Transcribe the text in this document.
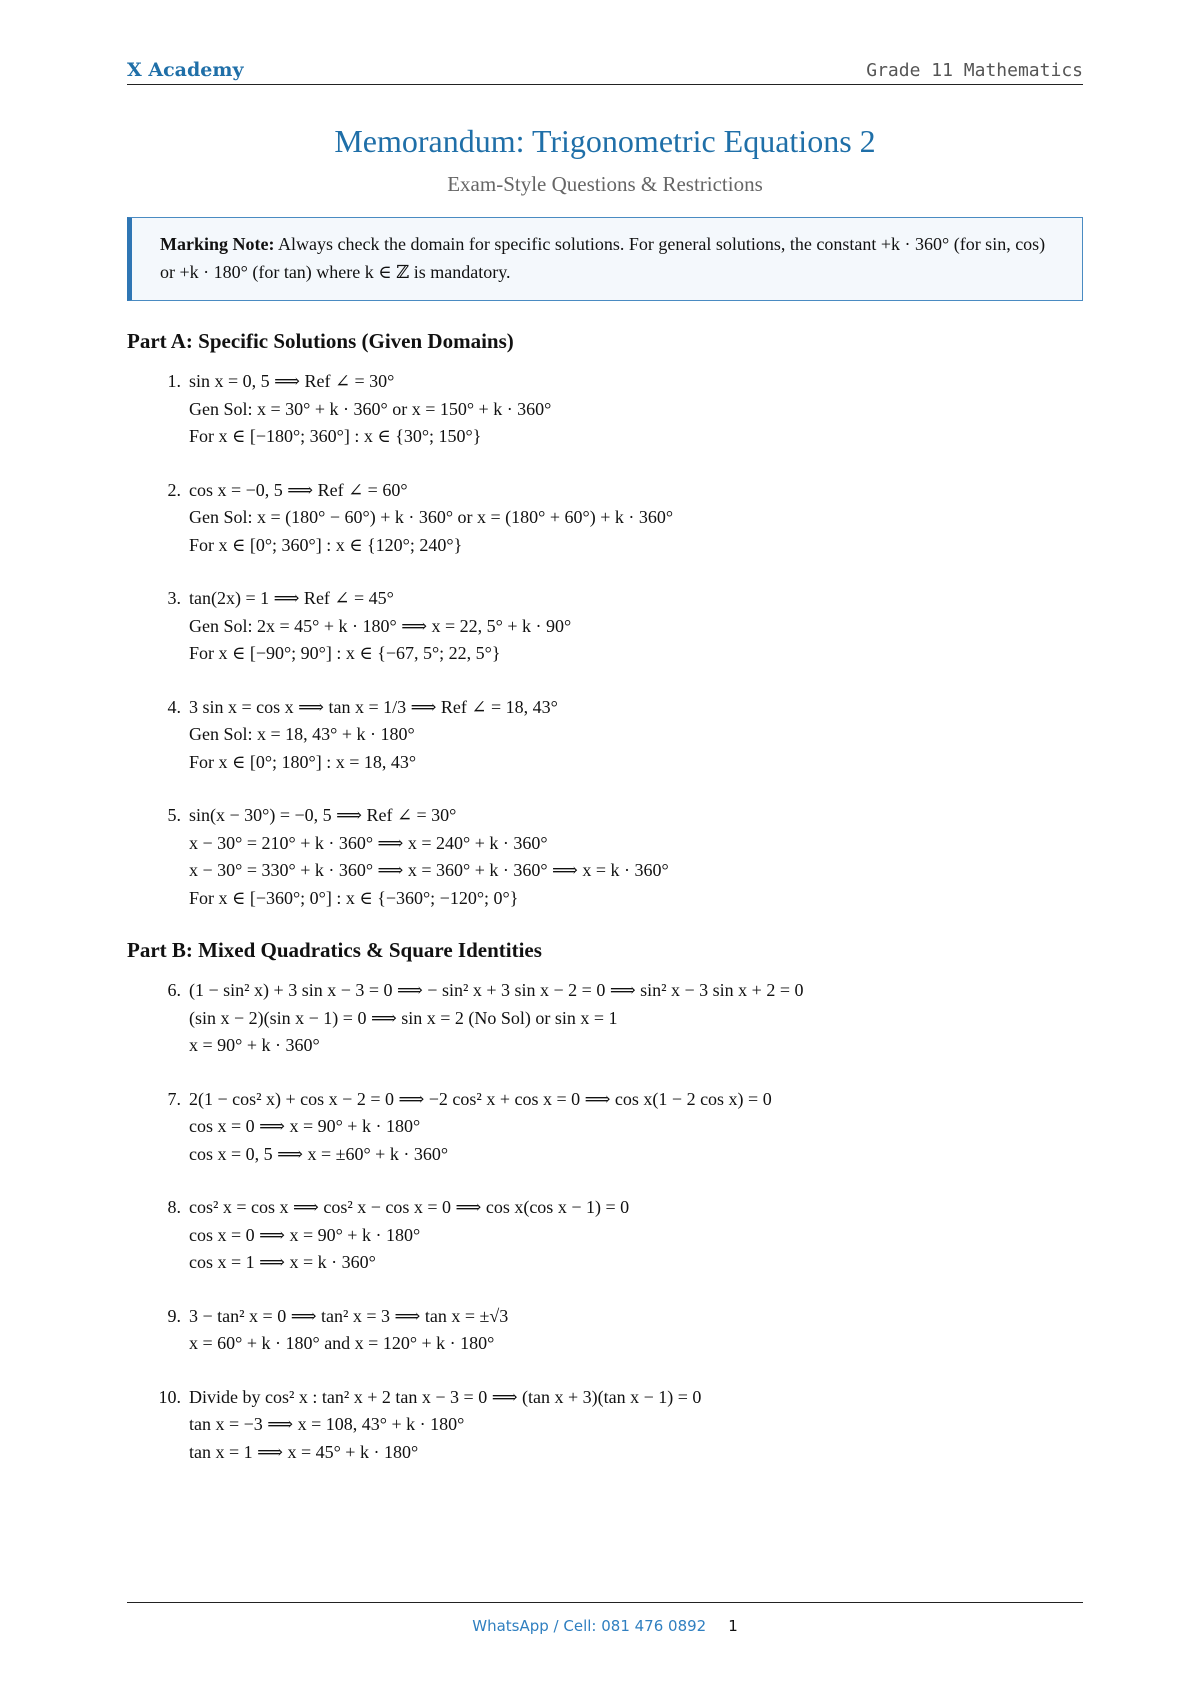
X Academy	Grade 11 Mathematics
Memorandum: Trigonometric Equations 2
Exam-Style Questions & Restrictions
Marking Note: Always check the domain for specific solutions. For general solutions, the constant +k · 360° (for sin, cos) or +k · 180° (for tan) where k ∈ ℤ is mandatory.
Part A: Specific Solutions (Given Domains)
1. sin x = 0, 5 ⟹ Ref ∠ = 30°
Gen Sol: x = 30° + k · 360° or x = 150° + k · 360°
For x ∈ [−180°; 360°] : x ∈ {30°; 150°}
2. cos x = −0, 5 ⟹ Ref ∠ = 60°
Gen Sol: x = (180° − 60°) + k · 360° or x = (180° + 60°) + k · 360°
For x ∈ [0°; 360°] : x ∈ {120°; 240°}
3. tan(2x) = 1 ⟹ Ref ∠ = 45°
Gen Sol: 2x = 45° + k · 180° ⟹ x = 22, 5° + k · 90°
For x ∈ [−90°; 90°] : x ∈ {−67, 5°; 22, 5°}
4. 3 sin x = cos x ⟹ tan x = 1/3 ⟹ Ref ∠ = 18, 43°
Gen Sol: x = 18, 43° + k · 180°
For x ∈ [0°; 180°] : x = 18, 43°
5. sin(x − 30°) = −0, 5 ⟹ Ref ∠ = 30°
x − 30° = 210° + k · 360° ⟹ x = 240° + k · 360°
x − 30° = 330° + k · 360° ⟹ x = 360° + k · 360° ⟹ x = k · 360°
For x ∈ [−360°; 0°] : x ∈ {−360°; −120°; 0°}
Part B: Mixed Quadratics & Square Identities
6. (1 − sin² x) + 3 sin x − 3 = 0 ⟹ − sin² x + 3 sin x − 2 = 0 ⟹ sin² x − 3 sin x + 2 = 0
(sin x − 2)(sin x − 1) = 0 ⟹ sin x = 2 (No Sol) or sin x = 1
x = 90° + k · 360°
7. 2(1 − cos² x) + cos x − 2 = 0 ⟹ −2 cos² x + cos x = 0 ⟹ cos x(1 − 2 cos x) = 0
cos x = 0 ⟹ x = 90° + k · 180°
cos x = 0, 5 ⟹ x = ±60° + k · 360°
8. cos² x = cos x ⟹ cos² x − cos x = 0 ⟹ cos x(cos x − 1) = 0
cos x = 0 ⟹ x = 90° + k · 180°
cos x = 1 ⟹ x = k · 360°
9. 3 − tan² x = 0 ⟹ tan² x = 3 ⟹ tan x = ±√3
x = 60° + k · 180° and x = 120° + k · 180°
10. Divide by cos² x : tan² x + 2 tan x − 3 = 0 ⟹ (tan x + 3)(tan x − 1) = 0
tan x = −3 ⟹ x = 108, 43° + k · 180°
tan x = 1 ⟹ x = 45° + k · 180°
WhatsApp / Cell: 081 476 0892 1
